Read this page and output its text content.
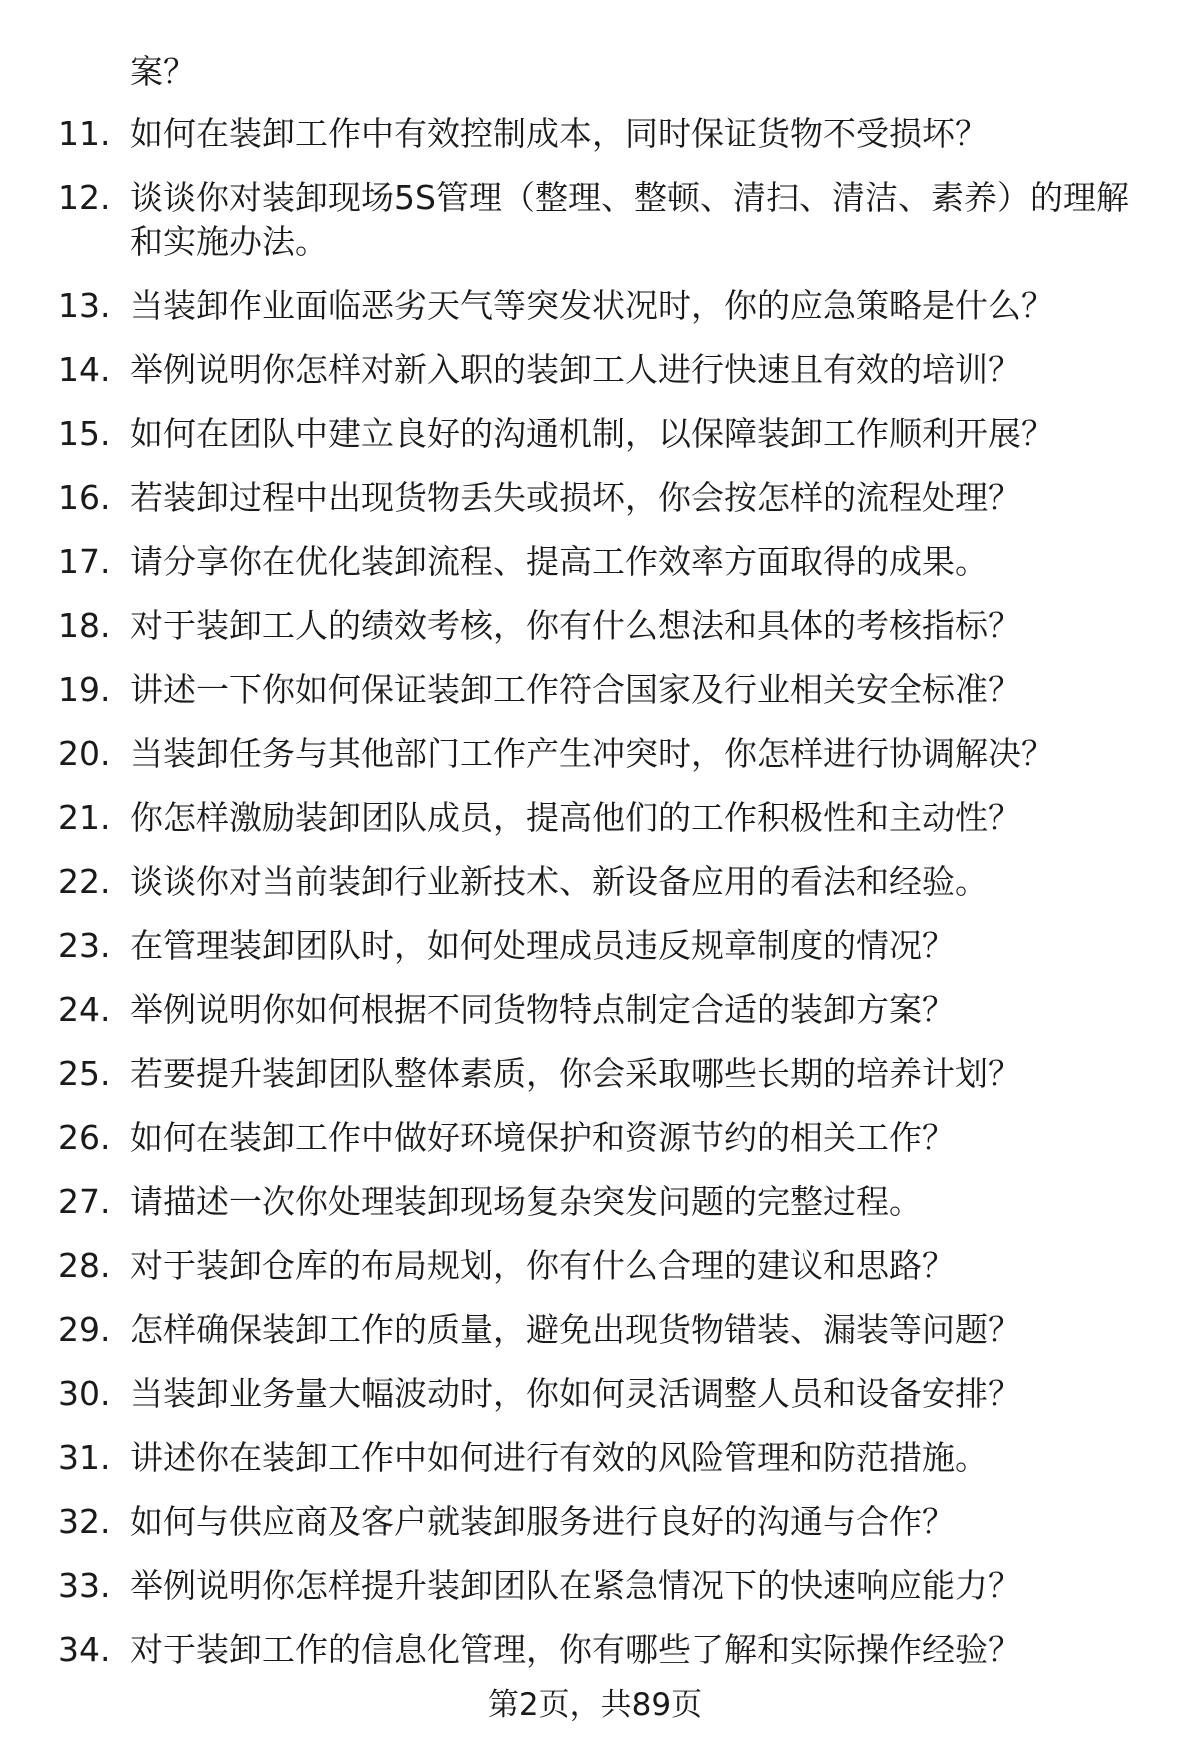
案？
11. 如何在装卸工作中有效控制成本，同时保证货物不受损坏？
12. 谈谈你对装卸现场5S管理（整理、整顿、清扫、清洁、素养）的理解和实施办法。
13. 当装卸作业面临恶劣天气等突发状况时，你的应急策略是什么？
14. 举例说明你怎样对新入职的装卸工人进行快速且有效的培训？
15. 如何在团队中建立良好的沟通机制，以保障装卸工作顺利开展？
16. 若装卸过程中出现货物丢失或损坏，你会按怎样的流程处理？
17. 请分享你在优化装卸流程、提高工作效率方面取得的成果。
18. 对于装卸工人的绩效考核，你有什么想法和具体的考核指标？
19. 讲述一下你如何保证装卸工作符合国家及行业相关安全标准？
20. 当装卸任务与其他部门工作产生冲突时，你怎样进行协调解决？
21. 你怎样激励装卸团队成员，提高他们的工作积极性和主动性？
22. 谈谈你对当前装卸行业新技术、新设备应用的看法和经验。
23. 在管理装卸团队时，如何处理成员违反规章制度的情况？
24. 举例说明你如何根据不同货物特点制定合适的装卸方案？
25. 若要提升装卸团队整体素质，你会采取哪些长期的培养计划？
26. 如何在装卸工作中做好环境保护和资源节约的相关工作？
27. 请描述一次你处理装卸现场复杂突发问题的完整过程。
28. 对于装卸仓库的布局规划，你有什么合理的建议和思路？
29. 怎样确保装卸工作的质量，避免出现货物错装、漏装等问题？
30. 当装卸业务量大幅波动时，你如何灵活调整人员和设备安排？
31. 讲述你在装卸工作中如何进行有效的风险管理和防范措施。
32. 如何与供应商及客户就装卸服务进行良好的沟通与合作？
33. 举例说明你怎样提升装卸团队在紧急情况下的快速响应能力？
34. 对于装卸工作的信息化管理，你有哪些了解和实际操作经验？
第2页，共89页
